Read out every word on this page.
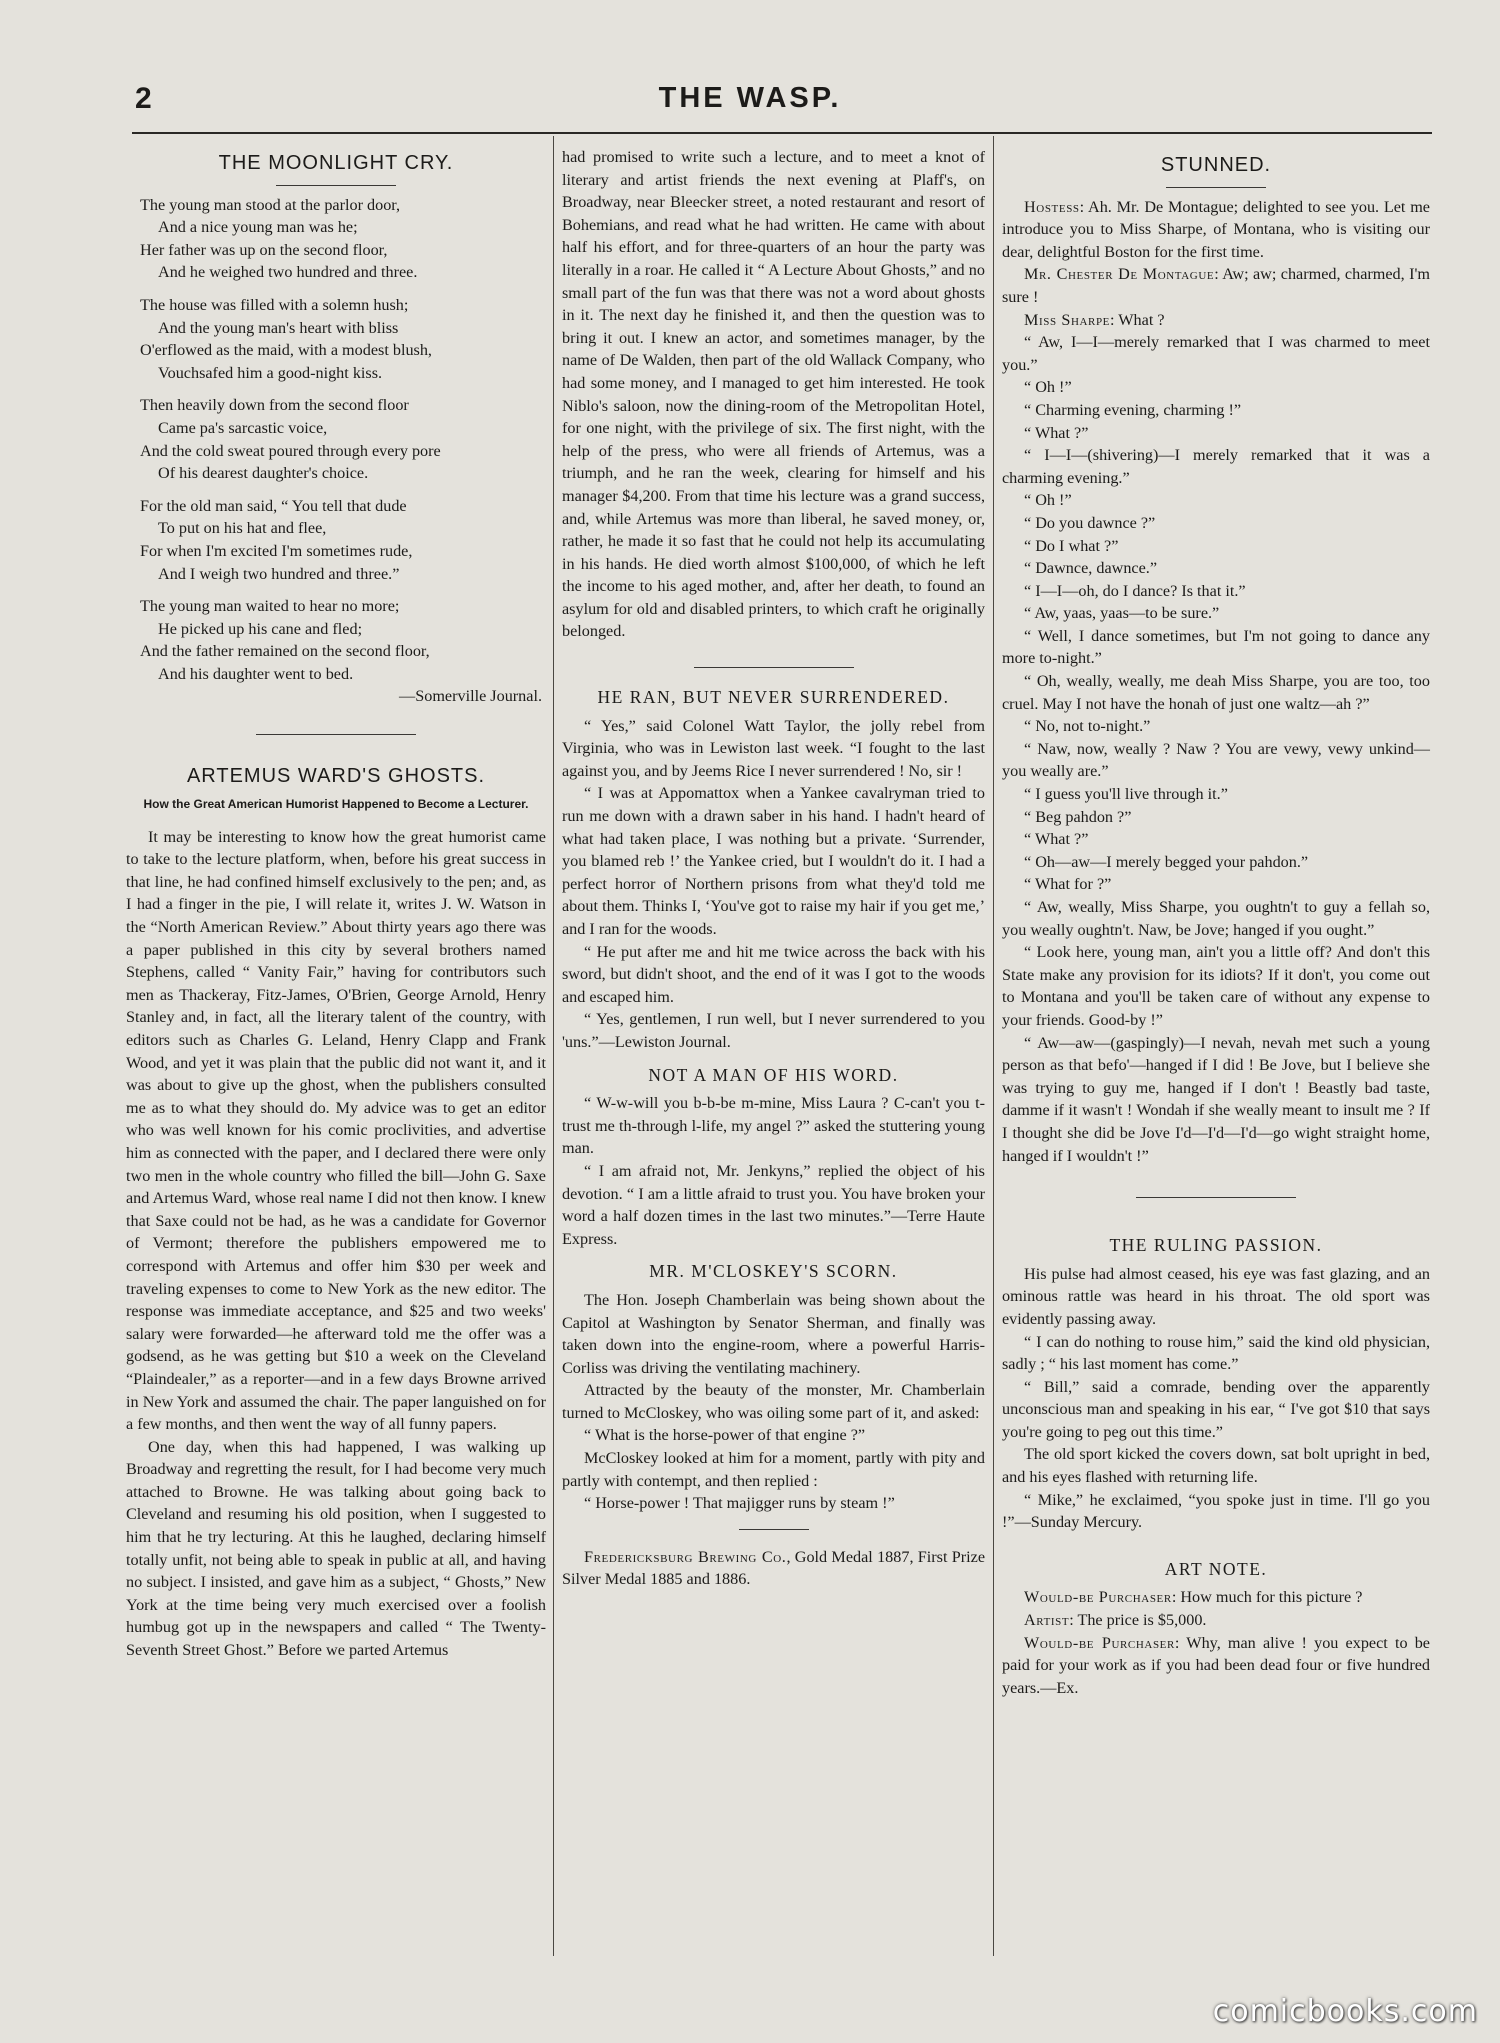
2	THE WASP.
THE MOONLIGHT CRY.
The young man stood at the parlor door,
And a nice young man was he;
Her father was up on the second floor,
And he weighed two hundred and three.
The house was filled with a solemn hush;
And the young man's heart with bliss
O'erflowed as the maid, with a modest blush,
Vouchsafed him a good-night kiss.
Then heavily down from the second floor
Came pa's sarcastic voice,
And the cold sweat poured through every pore
Of his dearest daughter's choice.
For the old man said, “ You tell that dude
To put on his hat and flee,
For when I'm excited I'm sometimes rude,
And I weigh two hundred and three.”
The young man waited to hear no more;
He picked up his cane and fled;
And the father remained on the second floor,
And his daughter went to bed.
—Somerville Journal.
ARTEMUS WARD'S GHOSTS.
How the Great American Humorist Happened to Become a Lecturer.

It may be interesting to know how the great humorist came to take to the lecture platform, when, before his great success in that line, he had confined himself exclusively to the pen; and, as I had a finger in the pie, I will relate it, writes J. W. Watson in the “North American Review.” About thirty years ago there was a paper published in this city by several brothers named Stephens, called “ Vanity Fair,” having for contributors such men as Thackeray, Fitz-James, O'Brien, George Arnold, Henry Stanley and, in fact, all the literary talent of the country, with editors such as Charles G. Leland, Henry Clapp and Frank Wood, and yet it was plain that the public did not want it, and it was about to give up the ghost, when the publishers consulted me as to what they should do. My advice was to get an editor who was well known for his comic proclivities, and advertise him as connected with the paper, and I declared there were only two men in the whole country who filled the bill—John G. Saxe and Artemus Ward, whose real name I did not then know. I knew that Saxe could not be had, as he was a candidate for Governor of Vermont; therefore the publishers empowered me to correspond with Artemus and offer him $30 per week and traveling expenses to come to New York as the new editor. The response was immediate acceptance, and $25 and two weeks' salary were forwarded—he afterward told me the offer was a godsend, as he was getting but $10 a week on the Cleveland “Plaindealer,” as a reporter—and in a few days Browne arrived in New York and assumed the chair. The paper languished on for a few months, and then went the way of all funny papers.

One day, when this had happened, I was walking up Broadway and regretting the result, for I had become very much attached to Browne. He was talking about going back to Cleveland and resuming his old position, when I suggested to him that he try lecturing. At this he laughed, declaring himself totally unfit, not being able to speak in public at all, and having no subject. I insisted, and gave him as a subject, “ Ghosts,” New York at the time being very much exercised over a foolish humbug got up in the newspapers and called “ The Twenty-Seventh Street Ghost.” Before we parted Artemus

had promised to write such a lecture, and to meet a knot of literary and artist friends the next evening at Plaff's, on Broadway, near Bleecker street, a noted restaurant and resort of Bohemians, and read what he had written. He came with about half his effort, and for three-quarters of an hour the party was literally in a roar. He called it “ A Lecture About Ghosts,” and no small part of the fun was that there was not a word about ghosts in it. The next day he finished it, and then the question was to bring it out. I knew an actor, and sometimes manager, by the name of De Walden, then part of the old Wallack Company, who had some money, and I managed to get him interested. He took Niblo's saloon, now the dining-room of the Metropolitan Hotel, for one night, with the privilege of six. The first night, with the help of the press, who were all friends of Artemus, was a triumph, and he ran the week, clearing for himself and his manager $4,200. From that time his lecture was a grand success, and, while Artemus was more than liberal, he saved money, or, rather, he made it so fast that he could not help its accumulating in his hands. He died worth almost $100,000, of which he left the income to his aged mother, and, after her death, to found an asylum for old and disabled printers, to which craft he originally belonged.

HE RAN, BUT NEVER SURRENDERED.

“ Yes,” said Colonel Watt Taylor, the jolly rebel from Virginia, who was in Lewiston last week. “I fought to the last against you, and by Jeems Rice I never surrendered ! No, sir !

“ I was at Appomattox when a Yankee cavalryman tried to run me down with a drawn saber in his hand. I hadn't heard of what had taken place, I was nothing but a private. ‘Surrender, you blamed reb !’ the Yankee cried, but I wouldn't do it. I had a perfect horror of Northern prisons from what they'd told me about them. Thinks I, ‘You've got to raise my hair if you get me,’ and I ran for the woods.

“ He put after me and hit me twice across the back with his sword, but didn't shoot, and the end of it was I got to the woods and escaped him.

“ Yes, gentlemen, I run well, but I never surrendered to you 'uns.”—Lewiston Journal.

NOT A MAN OF HIS WORD.

“ W-w-will you b-b-be m-mine, Miss Laura ? C-can't you t-trust me th-through l-life, my angel ?” asked the stuttering young man.

“ I am afraid not, Mr. Jenkyns,” replied the object of his devotion. “ I am a little afraid to trust you. You have broken your word a half dozen times in the last two minutes.”—Terre Haute Express.

MR. M'CLOSKEY'S SCORN.

The Hon. Joseph Chamberlain was being shown about the Capitol at Washington by Senator Sherman, and finally was taken down into the engine-room, where a powerful Harris-Corliss was driving the ventilating machinery.

Attracted by the beauty of the monster, Mr. Chamberlain turned to McCloskey, who was oiling some part of it, and asked:

“ What is the horse-power of that engine ?”

McCloskey looked at him for a moment, partly with pity and partly with contempt, and then replied :

“ Horse-power ! That majigger runs by steam !”

Fredericksburg Brewing Co., Gold Medal 1887, First Prize Silver Medal 1885 and 1886.

STUNNED.

Hostess: Ah. Mr. De Montague; delighted to see you. Let me introduce you to Miss Sharpe, of Montana, who is visiting our dear, delightful Boston for the first time.

Mr. Chester De Montague: Aw; aw; charmed, charmed, I'm sure !

Miss Sharpe: What ?

“ Aw, I—I—merely remarked that I was charmed to meet you.”

“ Oh !”

“ Charming evening, charming !”

“ What ?”

“ I—I—(shivering)—I merely remarked that it was a charming evening.”

“ Oh !”

“ Do you dawnce ?”

“ Do I what ?”

“ Dawnce, dawnce.”

“ I—I—oh, do I dance? Is that it.”

“ Aw, yaas, yaas—to be sure.”

“ Well, I dance sometimes, but I'm not going to dance any more to-night.”

“ Oh, weally, weally, me deah Miss Sharpe, you are too, too cruel. May I not have the honah of just one waltz—ah ?”

“ No, not to-night.”

“ Naw, now, weally ? Naw ? You are vewy, vewy unkind—you weally are.”

“ I guess you'll live through it.”

“ Beg pahdon ?”

“ What ?”

“ Oh—aw—I merely begged your pahdon.”

“ What for ?”

“ Aw, weally, Miss Sharpe, you oughtn't to guy a fellah so, you weally oughtn't. Naw, be Jove; hanged if you ought.”

“ Look here, young man, ain't you a little off? And don't this State make any provision for its idiots? If it don't, you come out to Montana and you'll be taken care of without any expense to your friends. Good-by !”

“ Aw—aw—(gaspingly)—I nevah, nevah met such a young person as that befo'—hanged if I did ! Be Jove, but I believe she was trying to guy me, hanged if I don't ! Beastly bad taste, damme if it wasn't ! Wondah if she weally meant to insult me ? If I thought she did be Jove I'd—I'd—I'd—go wight straight home, hanged if I wouldn't !”

THE RULING PASSION.

His pulse had almost ceased, his eye was fast glazing, and an ominous rattle was heard in his throat. The old sport was evidently passing away.

“ I can do nothing to rouse him,” said the kind old physician, sadly ; “ his last moment has come.”

“ Bill,” said a comrade, bending over the apparently unconscious man and speaking in his ear, “ I've got $10 that says you're going to peg out this time.”

The old sport kicked the covers down, sat bolt upright in bed, and his eyes flashed with returning life.

“ Mike,” he exclaimed, “you spoke just in time. I'll go you !”—Sunday Mercury.

ART NOTE.

Would-be Purchaser: How much for this picture ?

Artist: The price is $5,000.

Would-be Purchaser: Why, man alive ! you expect to be paid for your work as if you had been dead four or five hundred years.—Ex.

comicbooks.com
